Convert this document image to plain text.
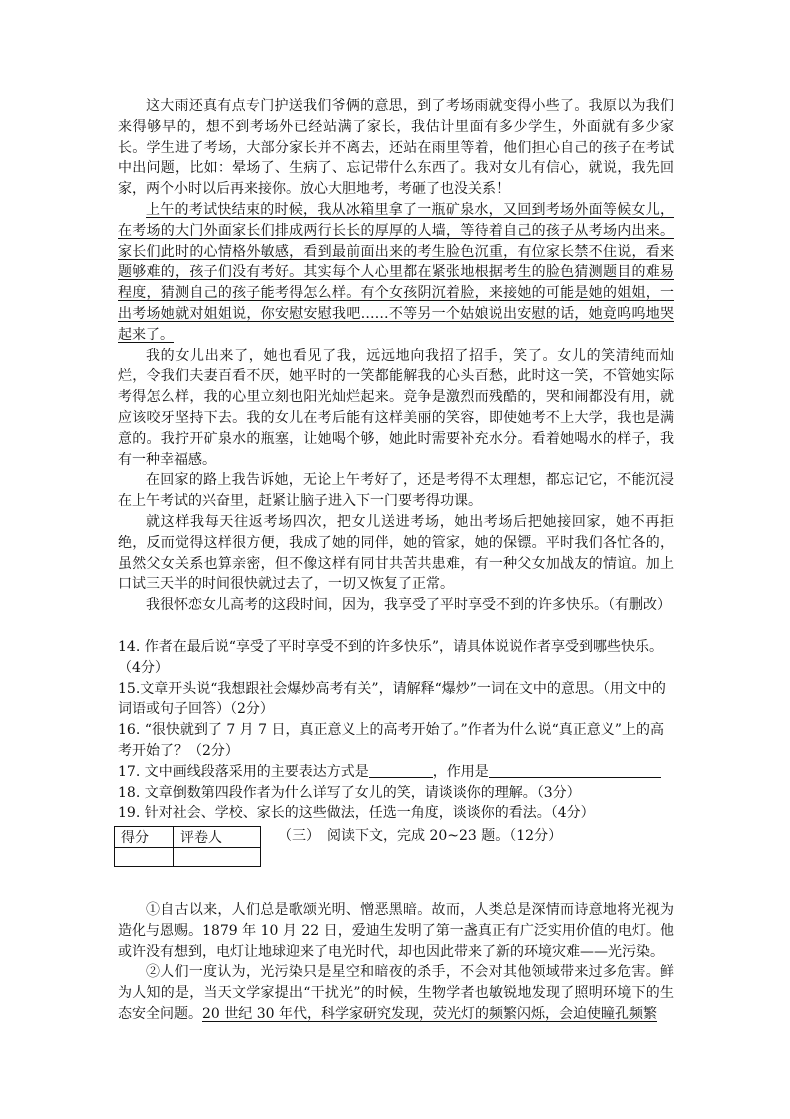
这大雨还真有点专门护送我们爷俩的意思，到了考场雨就变得小些了。我原以为我们来得够早的，想不到考场外已经站满了家长，我估计里面有多少学生，外面就有多少家长。学生进了考场，大部分家长并不离去，还站在雨里等着，他们担心自己的孩子在考试中出问题，比如：晕场了、生病了、忘记带什么东西了。我对女儿有信心，就说，我先回家，两个小时以后再来接你。放心大胆地考，考砸了也没关系！

上午的考试快结束的时候，我从冰箱里拿了一瓶矿泉水，又回到考场外面等候女儿，在考场的大门外面家长们排成两行长长的厚厚的人墙，等待着自己的孩子从考场内出来。家长们此时的心情格外敏感，看到最前面出来的考生脸色沉重，有位家长禁不住说，看来题够难的，孩子们没有考好。其实每个人心里都在紧张地根据考生的脸色猜测题目的难易程度，猜测自己的孩子能考得怎么样。有个女孩阴沉着脸，来接她的可能是她的姐姐，一出考场她就对姐姐说，你安慰安慰我吧……不等另一个姑娘说出安慰的话，她竟呜呜地哭起来了。

我的女儿出来了，她也看见了我，远远地向我招了招手，笑了。女儿的笑清纯而灿烂，令我们夫妻百看不厌，她平时的一笑都能解我的心头百愁，此时这一笑，不管她实际考得怎么样，我的心里立刻也阳光灿烂起来。竞争是激烈而残酷的，哭和闹都没有用，就应该咬牙坚持下去。我的女儿在考后能有这样美丽的笑容，即使她考不上大学，我也是满意的。我拧开矿泉水的瓶塞，让她喝个够，她此时需要补充水分。看着她喝水的样子，我有一种幸福感。

在回家的路上我告诉她，无论上午考好了，还是考得不太理想，都忘记它，不能沉浸在上午考试的兴奋里，赶紧让脑子进入下一门要考得功课。

就这样我每天往返考场四次，把女儿送进考场，她出考场后把她接回家，她不再拒绝，反而觉得这样很方便，我成了她的同伴，她的管家，她的保镖。平时我们各忙各的，虽然父女关系也算亲密，但不像这样有同甘共苦共患难，有一种父女加战友的情谊。加上口试三天半的时间很快就过去了，一切又恢复了正常。

我很怀恋女儿高考的这段时间，因为，我享受了平时享受不到的许多快乐。（有删改）

14. 作者在最后说“享受了平时享受不到的许多快乐”，请具体说说作者享受到哪些快乐。（4分）

15.文章开头说“我想跟社会爆炒高考有关”，请解释“爆炒”一词在文中的意思。（用文中的词语或句子回答）（2分）

16. “很快就到了 7 月 7 日，真正意义上的高考开始了。”作者为什么说“真正意义”上的高考开始了？（2分）

17. 文中画线段落采用的主要表达方式是	，作用是

18. 文章倒数第四段作者为什么详写了女儿的笑，请谈谈你的理解。（3分）

19. 针对社会、学校、家长的这些做法，任选一角度，谈谈你的看法。（4分）

得分	评卷人
		（三）　阅读下文，完成 20~23 题。（12分）

①自古以来，人们总是歌颂光明、憎恶黑暗。故而，人类总是深情而诗意地将光视为造化与恩赐。1879 年 10 月 22 日，爱迪生发明了第一盏真正有广泛实用价值的电灯。他或许没有想到，电灯让地球迎来了电光时代，却也因此带来了新的环境灾难——光污染。

②人们一度认为，光污染只是星空和暗夜的杀手，不会对其他领域带来过多危害。鲜为人知的是，当天文学家提出“干扰光”的时候，生物学者也敏锐地发现了照明环境下的生态安全问题。20 世纪 30 年代，科学家研究发现，荧光灯的频繁闪烁，会迫使瞳孔频繁
